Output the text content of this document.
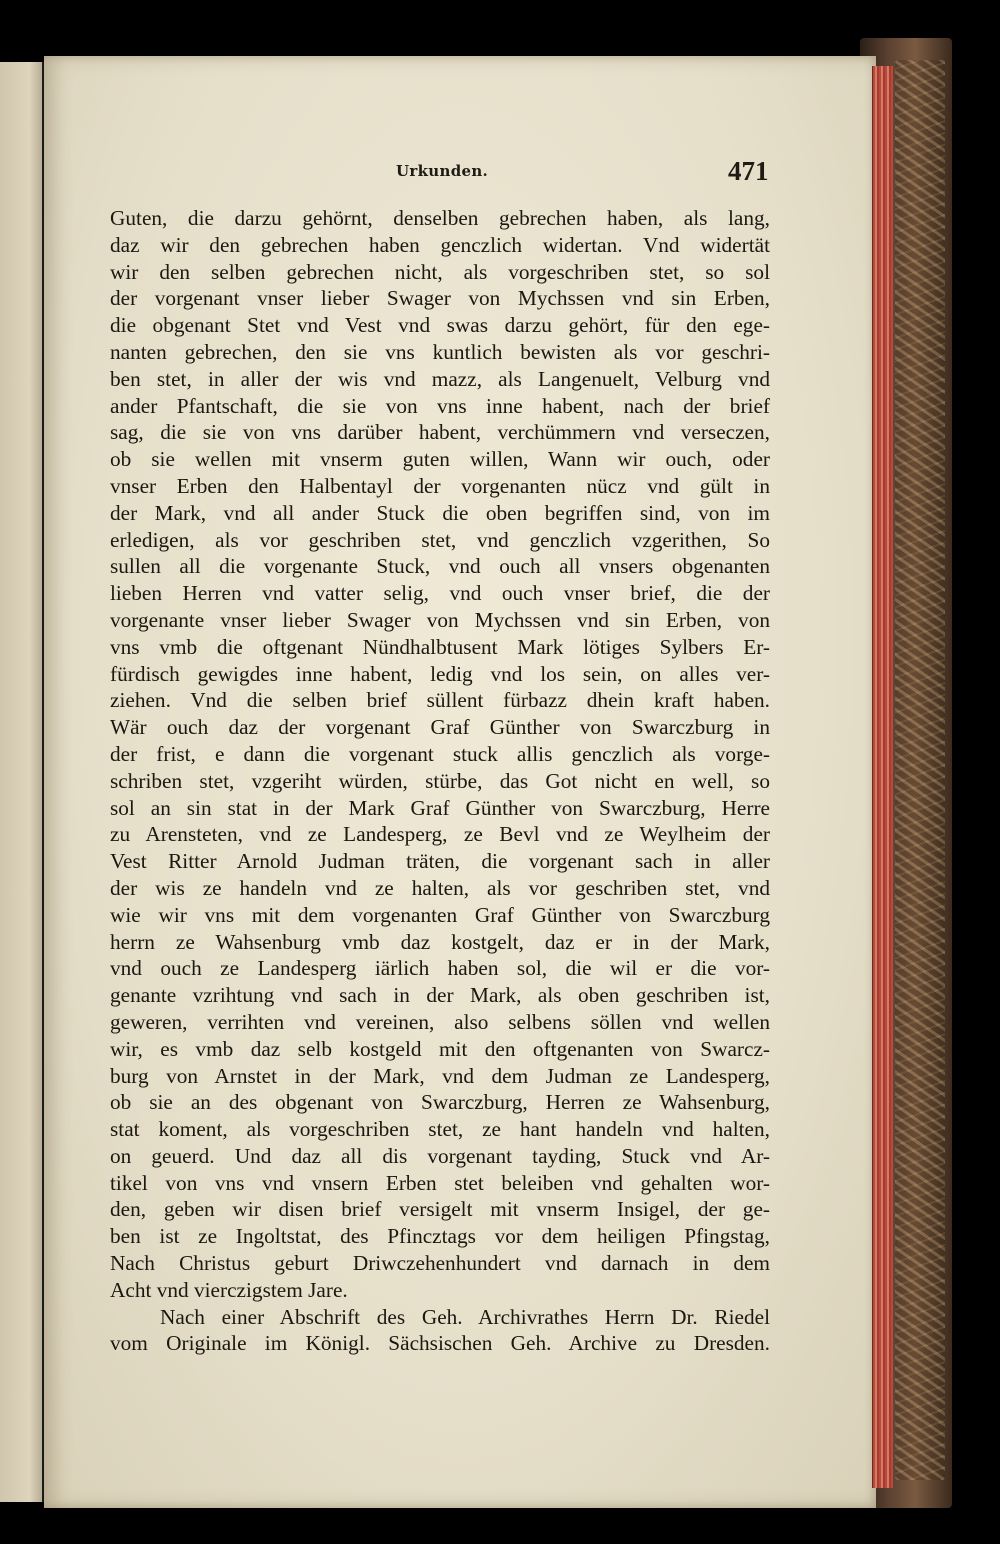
Urkunden.	471
Guten, die darzu gehörnt, denselben gebrechen haben, als lang,
daz wir den gebrechen haben genczlich widertan. Vnd widertät
wir den selben gebrechen nicht, als vorgeschriben stet, so sol
der vorgenant vnser lieber Swager von Mychssen vnd sin Erben,
die obgenant Stet vnd Vest vnd swas darzu gehört, für den ege-
nanten gebrechen, den sie vns kuntlich bewisten als vor geschri-
ben stet, in aller der wis vnd mazz, als Langenuelt, Velburg vnd
ander Pfantschaft, die sie von vns inne habent, nach der brief
sag, die sie von vns darüber habent, verchümmern vnd verseczen,
ob sie wellen mit vnserm guten willen, Wann wir ouch, oder
vnser Erben den Halbentayl der vorgenanten nücz vnd gült in
der Mark, vnd all ander Stuck die oben begriffen sind, von im
erledigen, als vor geschriben stet, vnd genczlich vzgerithen, So
sullen all die vorgenante Stuck, vnd ouch all vnsers obgenanten
lieben Herren vnd vatter selig, vnd ouch vnser brief, die der
vorgenante vnser lieber Swager von Mychssen vnd sin Erben, von
vns vmb die oftgenant Nündhalbtusent Mark lötiges Sylbers Er-
fürdisch gewigdes inne habent, ledig vnd los sein, on alles ver-
ziehen. Vnd die selben brief süllent fürbazz dhein kraft haben.
Wär ouch daz der vorgenant Graf Günther von Swarczburg in
der frist, e dann die vorgenant stuck allis genczlich als vorge-
schriben stet, vzgeriht würden, stürbe, das Got nicht en well, so
sol an sin stat in der Mark Graf Günther von Swarczburg, Herre
zu Arensteten, vnd ze Landesperg, ze Bevl vnd ze Weylheim der
Vest Ritter Arnold Judman träten, die vorgenant sach in aller
der wis ze handeln vnd ze halten, als vor geschriben stet, vnd
wie wir vns mit dem vorgenanten Graf Günther von Swarczburg
herrn ze Wahsenburg vmb daz kostgelt, daz er in der Mark,
vnd ouch ze Landesperg iärlich haben sol, die wil er die vor-
genante vzrihtung vnd sach in der Mark, als oben geschriben ist,
geweren, verrihten vnd vereinen, also selbens söllen vnd wellen
wir, es vmb daz selb kostgeld mit den oftgenanten von Swarcz-
burg von Arnstet in der Mark, vnd dem Judman ze Landesperg,
ob sie an des obgenant von Swarczburg, Herren ze Wahsenburg,
stat koment, als vorgeschriben stet, ze hant handeln vnd halten,
on geuerd. Und daz all dis vorgenant tayding, Stuck vnd Ar-
tikel von vns vnd vnsern Erben stet beleiben vnd gehalten wor-
den, geben wir disen brief versigelt mit vnserm Insigel, der ge-
ben ist ze Ingoltstat, des Pfincztags vor dem heiligen Pfingstag,
Nach Christus geburt Driwczehenhundert vnd darnach in dem
Acht vnd vierczigstem Jare.
Nach einer Abschrift des Geh. Archivrathes Herrn Dr. Riedel
vom Originale im Königl. Sächsischen Geh. Archive zu Dresden.
